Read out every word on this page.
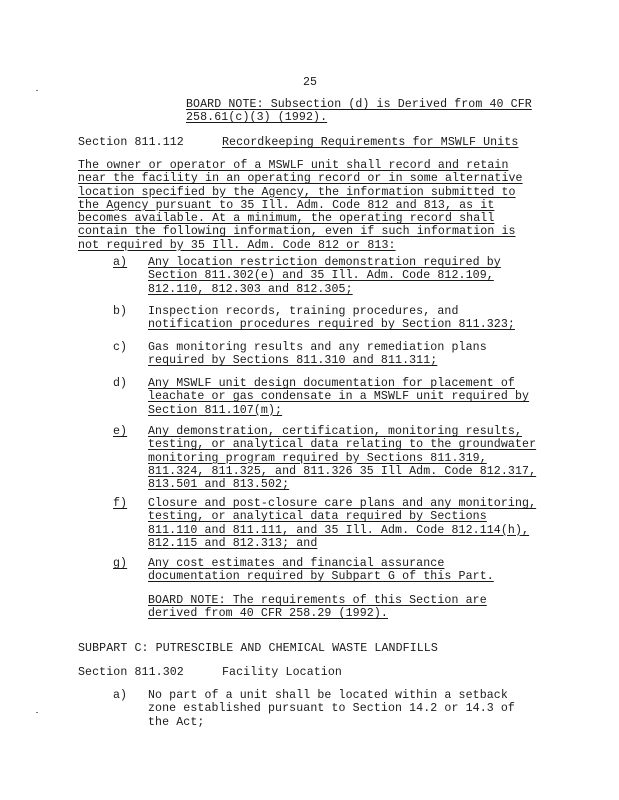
25
BOARD NOTE: Subsection (d) is Derived from 40 CFR
258.61(c)(3) (1992).
Section 811.112	Recordkeeping Requirements for MSWLF Units
The owner or operator of a MSWLF unit shall record and retain
near the facility in an operating record or in some alternative
location specified by the Agency, the information submitted to
the Agency pursuant to 35 Ill. Adm. Code 812 and 813, as it
becomes available. At a minimum, the operating record shall
contain the following information, even if such information is
not required by 35 Ill. Adm. Code 812 or 813:
a) Any location restriction demonstration required by
Section 811.302(e) and 35 Ill. Adm. Code 812.109,
812.110, 812.303 and 812.305;
b) Inspection records, training procedures, and
notification procedures required by Section 811.323;
c) Gas monitoring results and any remediation plans
required by Sections 811.310 and 811.311;
d) Any MSWLF unit design documentation for placement of
leachate or gas condensate in a MSWLF unit required by
Section 811.107(m);
e) Any demonstration, certification, monitoring results,
testing, or analytical data relating to the groundwater
monitoring program required by Sections 811.319,
811.324, 811.325, and 811.326 35 Ill Adm. Code 812.317,
813.501 and 813.502;
f) Closure and post-closure care plans and any monitoring,
testing, or analytical data required by Sections
811.110 and 811.111, and 35 Ill. Adm. Code 812.114(h),
812.115 and 812.313; and
g) Any cost estimates and financial assurance
documentation required by Subpart G of this Part.
BOARD NOTE: The requirements of this Section are
derived from 40 CFR 258.29 (1992).
SUBPART C: PUTRESCIBLE AND CHEMICAL WASTE LANDFILLS
Section 811.302	Facility Location
a) No part of a unit shall be located within a setback
zone established pursuant to Section 14.2 or 14.3 of
the Act;
